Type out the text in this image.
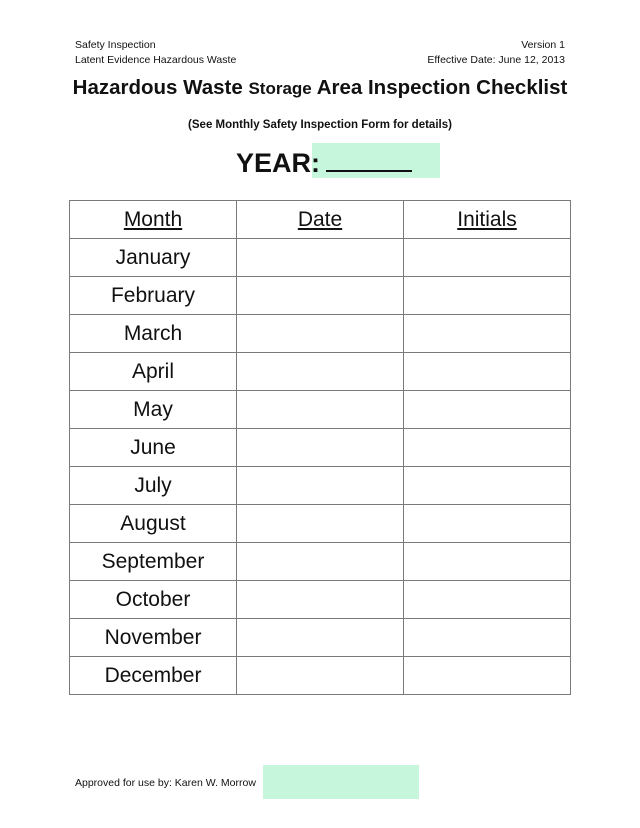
Safety Inspection
Latent Evidence Hazardous Waste
Version 1
Effective Date: June 12, 2013
Hazardous Waste Storage Area Inspection Checklist
(See Monthly Safety Inspection Form for details)
YEAR:
Month	Date	Initials
January		
February		
March		
April		
May		
June		
July		
August		
September		
October		
November		
December		
Approved for use by: Karen W. Morrow
